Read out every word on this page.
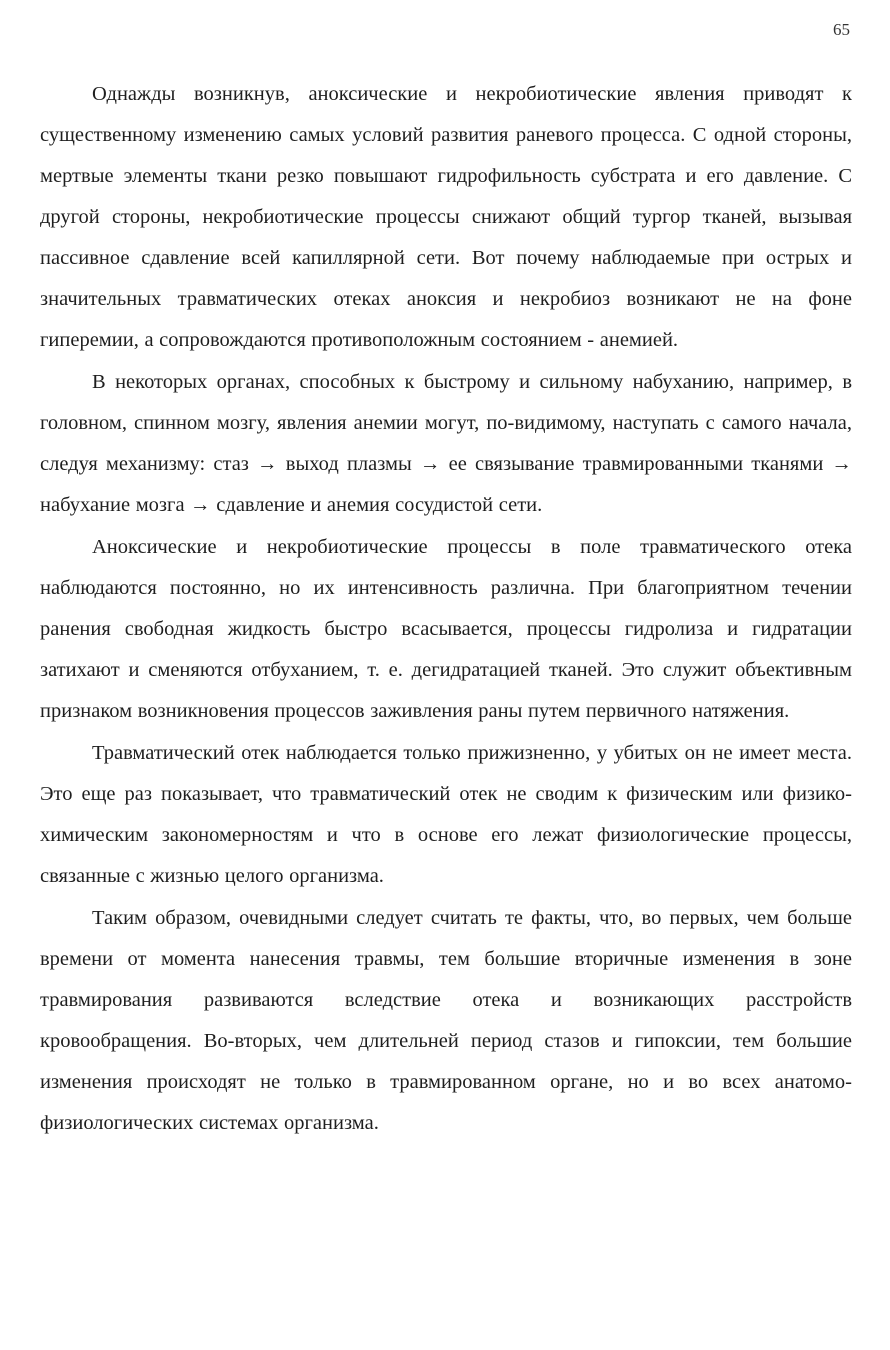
65

Однажды возникнув, аноксические и некробиотические явления приводят к существенному изменению самых условий развития раневого процесса. С одной стороны, мертвые элементы ткани резко повышают гидрофильность субстрата и его давление. С другой стороны, некробиотические процессы снижают общий тургор тканей, вызывая пассивное сдавление всей капиллярной сети. Вот почему наблюдаемые при острых и значительных травматических отеках аноксия и некробиоз возникают не на фоне гиперемии, а сопровождаются противоположным состоянием - анемией.

В некоторых органах, способных к быстрому и сильному набуханию, например, в головном, спинном мозгу, явления анемии могут, по-видимому, наступать с самого начала, следуя механизму: стаз → выход плазмы → ее связывание травмированными тканями → набухание мозга → сдавление и анемия сосудистой сети.

Аноксические и некробиотические процессы в поле травматического отека наблюдаются постоянно, но их интенсивность различна. При благоприятном течении ранения свободная жидкость быстро всасывается, процессы гидролиза и гидратации затихают и сменяются отбуханием, т. е. дегидратацией тканей. Это служит объективным признаком возникновения процессов заживления раны путем первичного натяжения.

Травматический отек наблюдается только прижизненно, у убитых он не имеет места. Это еще раз показывает, что травматический отек не сводим к физическим или физико-химическим закономерностям и что в основе его лежат физиологические процессы, связанные с жизнью целого организма.

Таким образом, очевидными следует считать те факты, что, во первых, чем больше времени от момента нанесения травмы, тем большие вторичные изменения в зоне травмирования развиваются вследствие отека и возникающих расстройств кровообращения. Во-вторых, чем длительней период стазов и гипоксии, тем большие изменения происходят не только в травмированном органе, но и во всех анатомо-физиологических системах организма.
